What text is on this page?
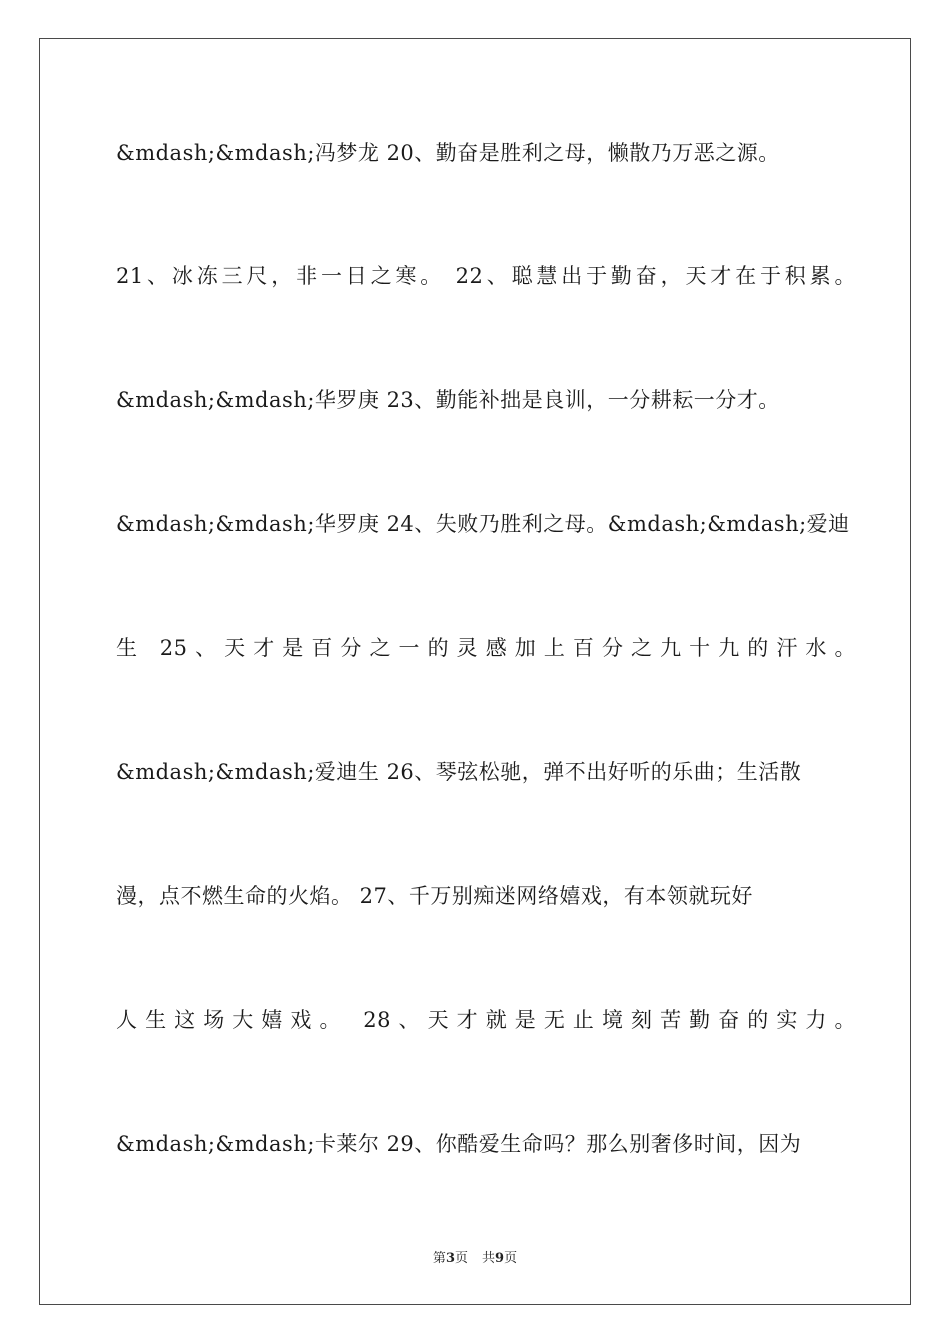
&mdash;&mdash;冯梦龙 20、勤奋是胜利之母，懒散乃万恶之源。
21、冰冻三尺，非一日之寒。 22、聪慧出于勤奋，天才在于积累。
&mdash;&mdash;华罗庚 23、勤能补拙是良训，一分耕耘一分才。
&mdash;&mdash;华罗庚 24、失败乃胜利之母。&mdash;&mdash;爱迪
生 25、天才是百分之一的灵感加上百分之九十九的汗水。
&mdash;&mdash;爱迪生 26、琴弦松驰，弹不出好听的乐曲；生活散
漫，点不燃生命的火焰。 27、千万别痴迷网络嬉戏，有本领就玩好
人生这场大嬉戏。 28、天才就是无止境刻苦勤奋的实力。
&mdash;&mdash;卡莱尔 29、你酷爱生命吗？那么别奢侈时间，因为
第3页 共9页
